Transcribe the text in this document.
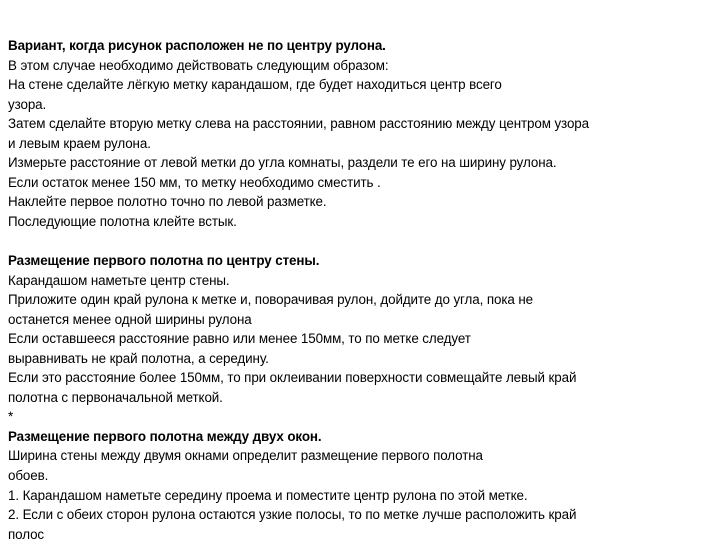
Вариант, когда рисунок расположен не по центру рулона.
В этом случае необходимо действовать следующим образом:
На стене сделайте лёгкую метку карандашом, где будет находиться центр всего
узора.
Затем сделайте вторую метку слева на расстоянии, равном расстоянию между центром узора
и левым краем рулона.
Измерьте расстояние от левой метки до угла комнаты, раздели те его на ширину рулона.
Если остаток менее 150 мм, то метку необходимо сместить .
Наклейте первое полотно точно по левой разметке.
Последующие полотна клейте встык.
Размещение первого полотна по центру стены.
Карандашом наметьте центр стены.
Приложите один край рулона к метке и, поворачивая рулон, дойдите до угла, пока не
останется менее одной ширины рулона
Если оставшееся расстояние равно или менее 150мм, то по метке следует
выравнивать не край полотна, а середину.
Если это расстояние более 150мм, то при оклеивании поверхности совмещайте левый край
полотна с первоначальной меткой.
*
Размещение первого полотна между двух окон.
Ширина стены между двумя окнами определит размещение первого полотна
обоев.
1. Карандашом наметьте середину проема и поместите центр рулона по этой метке.
2. Если с обеих сторон рулона остаются узкие полосы, то по метке лучше расположить край
полос
